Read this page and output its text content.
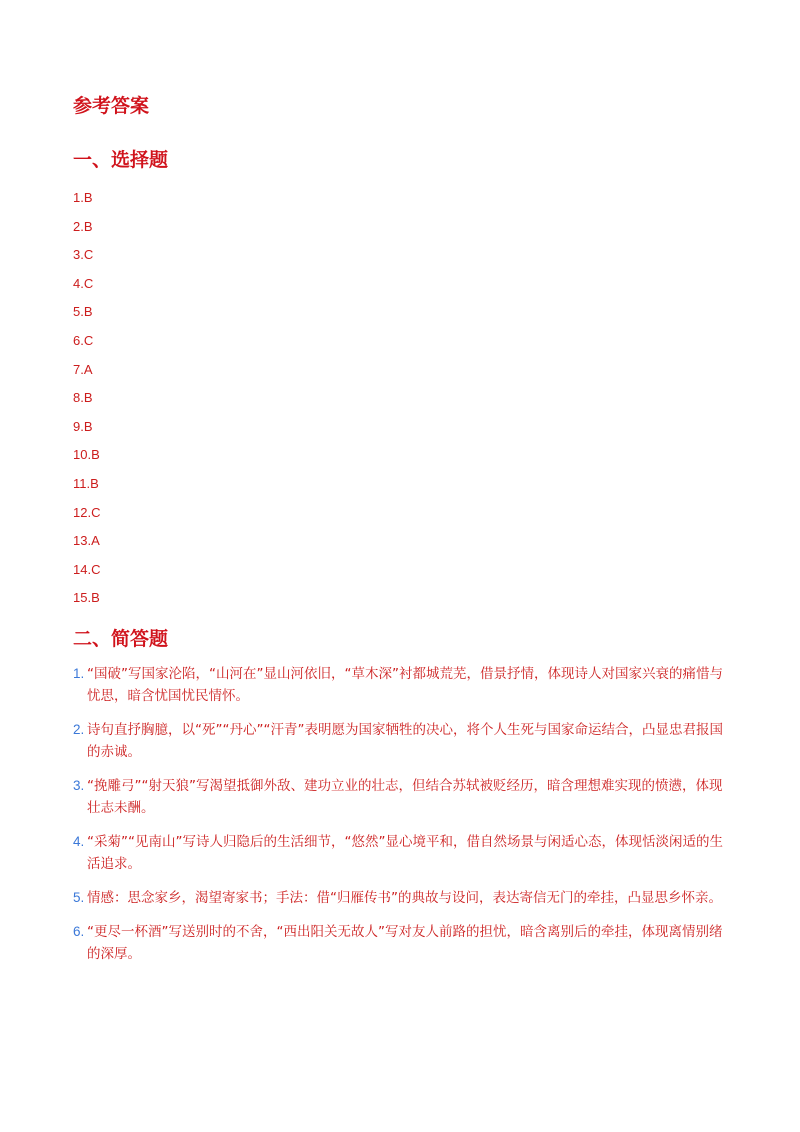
参考答案
一、选择题
1.B
2.B
3.C
4.C
5.B
6.C
7.A
8.B
9.B
10.B
11.B
12.C
13.A
14.C
15.B
二、简答题
1. “国破”写国家沦陷，“山河在”显山河依旧，“草木深”衬都城荒芜，借景抒情，体现诗人对国家兴衰的痛惜与忧思，暗含忧国忧民情怀。
2. 诗句直抒胸臆，以“死”“丹心”“汗青”表明愿为国家牺牲的决心，将个人生死与国家命运结合，凸显忠君报国的赤诚。
3. “挽雕弓”“射天狼”写渴望抵御外敌、建功立业的壮志，但结合苏轼被贬经历，暗含理想难实现的愤懑，体现壮志未酬。
4. “采菊”“见南山”写诗人归隐后的生活细节，“悠然”显心境平和，借自然场景与闲适心态，体现恬淡闲适的生活追求。
5. 情感：思念家乡，渴望寄家书；手法：借“归雁传书”的典故与设问，表达寄信无门的牵挂，凸显思乡怀亲。
6. “更尽一杯酒”写送别时的不舍，“西出阳关无故人”写对友人前路的担忧，暗含离别后的牵挂，体现离情别绪的深厚。
